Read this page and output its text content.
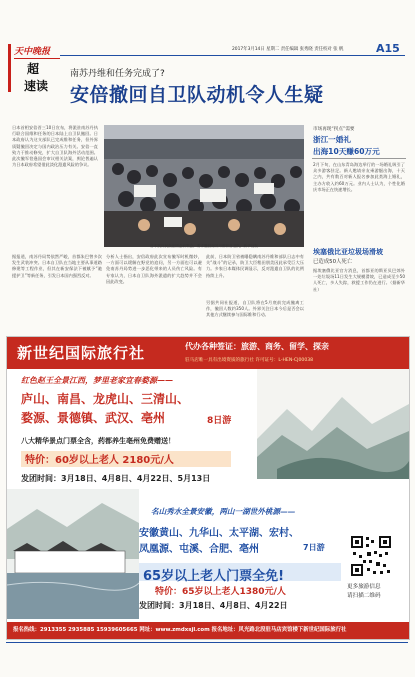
天中晚报
超
速读
2017年3月14日 星期二 责任编辑 张秀晓 责任校对 张 帆	A15
南苏丹维和任务完成了?
安倍撤回自卫队动机令人生疑
日本首相安倍晋三10日宣布，将派驻南苏丹执行联合国维和任务的日本陆上自卫队撤回。日本政府认为这支部队已完成维和任务，但外界质疑撤回决定与国内政治压力有关。安倍一直致力于推动修宪，扩大自卫队海外活动范围。此次撤军恰逢国会审议相关法案，舆论普遍认为日本政府希望借此淡化派遣风险的争议。
日本抗议民众在国会前集会，要求撤回南苏丹维和自卫队。新华社发
分析人士指出，安倍政府此次宣布撤军时机微妙，一方面可以缓解在野党的追问，另一方面也可以避免南苏丹局势进一步恶化带来的人员伤亡风险。有专家认为，日本自卫队海外派遣的扩大趋势并不会因此改变。
此前，日本防卫省被曝隐瞒南苏丹维和部队日志中有关“战斗”的记录，防卫大臣稻田朋美因此承受巨大压力。多家日本媒体民调显示，反对派遣自卫队的比例持续上升。
另据共同社报道，自卫队将在5月底前完成撤离工作，撤回人数约350人。外界关注日本今后是否会以其他方式继续参与国际维和行动。
据报道，南苏丹局势依然严峻，首都朱巴曾多次发生武装冲突。日本自卫队在当地主要从事道路修建等工程作业，但其在新安保法下被赋予“驰援护卫”等新任务，引发日本国内强烈反对。
市场再现“拐点”需要
浙江一婚礼
出海10天赚60万元
2月下旬，在山东青岛海边举行的一场婚礼吸引了众多游客驻足。新人邀请亲友乘游艇出海，十天之内，共有数百对新人报名参加此类海上婚礼，主办方收入约60万元。业内人士认为，个性化婚庆市场正在快速增长。
埃塞俄比亚垃圾场滑坡
已造成50人死亡
据埃塞俄比亚官方消息，首都亚的斯亚贝巴郊外一处垃圾场11日发生大规模滑坡，已造成至少50人死亡，多人失踪，救援工作仍在进行。（据新华社）
新世纪国际旅行社	代办各种签证：旅游、商务、留学、探亲
驻马店唯一具有出境资质的旅行社 许可证号：L-HEN-CJ00038
红色赵王全景江西，梦里老家宜春婺源——
庐山、南昌、龙虎山、三清山、
婺源、景德镇、武汉、亳州	8日游
八大精华景点门票全含，药都养生亳州免费赠送！
特价：60岁以上老人 2180元/人
发团时间：3月18日、4月8日、4月22日、5月13日
名山秀水全景安徽，两山一湖世外桃源——
安徽黄山、九华山、太平湖、宏村、
凤凰源、屯溪、合肥、亳州	7日游
65岁以上老人门票全免!
特价：65岁以上老人1380元/人
发团时间：3月18日、4月8日、4月22日
更多旅游信息
请扫描二维码
报名热线：2913355 2935885 15939605665 网址：www.zmdxsjl.com 报名地址：风光路北段驻马店宾馆楼下新世纪国际旅行社
